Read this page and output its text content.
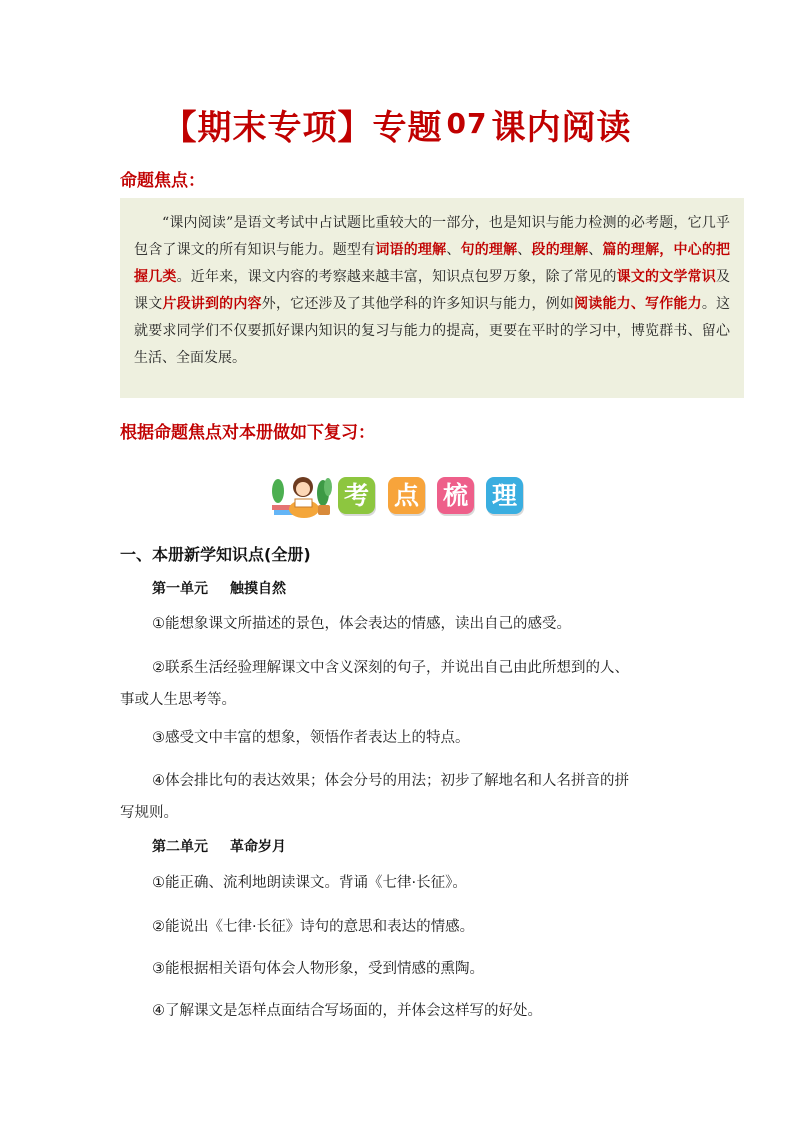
【期末专项】专题 07 课内阅读
命题焦点：
“课内阅读”是语文考试中占试题比重较大的一部分，也是知识与能力检测的必考题，它几乎包含了课文的所有知识与能力。题型有词语的理解、句的理解、段的理解、篇的理解，中心的把握几类。近年来，课文内容的考察越来越丰富，知识点包罗万象，除了常见的课文的文学常识及课文片段讲到的内容外，它还涉及了其他学科的许多知识与能力，例如阅读能力、写作能力。这就要求同学们不仅要抓好课内知识的复习与能力的提高，更要在平时的学习中，博览群书、留心生活、全面发展。
根据命题焦点对本册做如下复习：
考 点 梳 理
一、本册新学知识点(全册)
第一单元 触摸自然
①能想象课文所描述的景色，体会表达的情感，读出自己的感受。
②联系生活经验理解课文中含义深刻的句子，并说出自己由此所想到的人、
事或人生思考等。
③感受文中丰富的想象，领悟作者表达上的特点。
④体会排比句的表达效果；体会分号的用法；初步了解地名和人名拼音的拼
写规则。
第二单元 革命岁月
①能正确、流利地朗读课文。背诵《七律·长征》。
②能说出《七律·长征》诗句的意思和表达的情感。
③能根据相关语句体会人物形象，受到情感的熏陶。
④了解课文是怎样点面结合写场面的，并体会这样写的好处。
